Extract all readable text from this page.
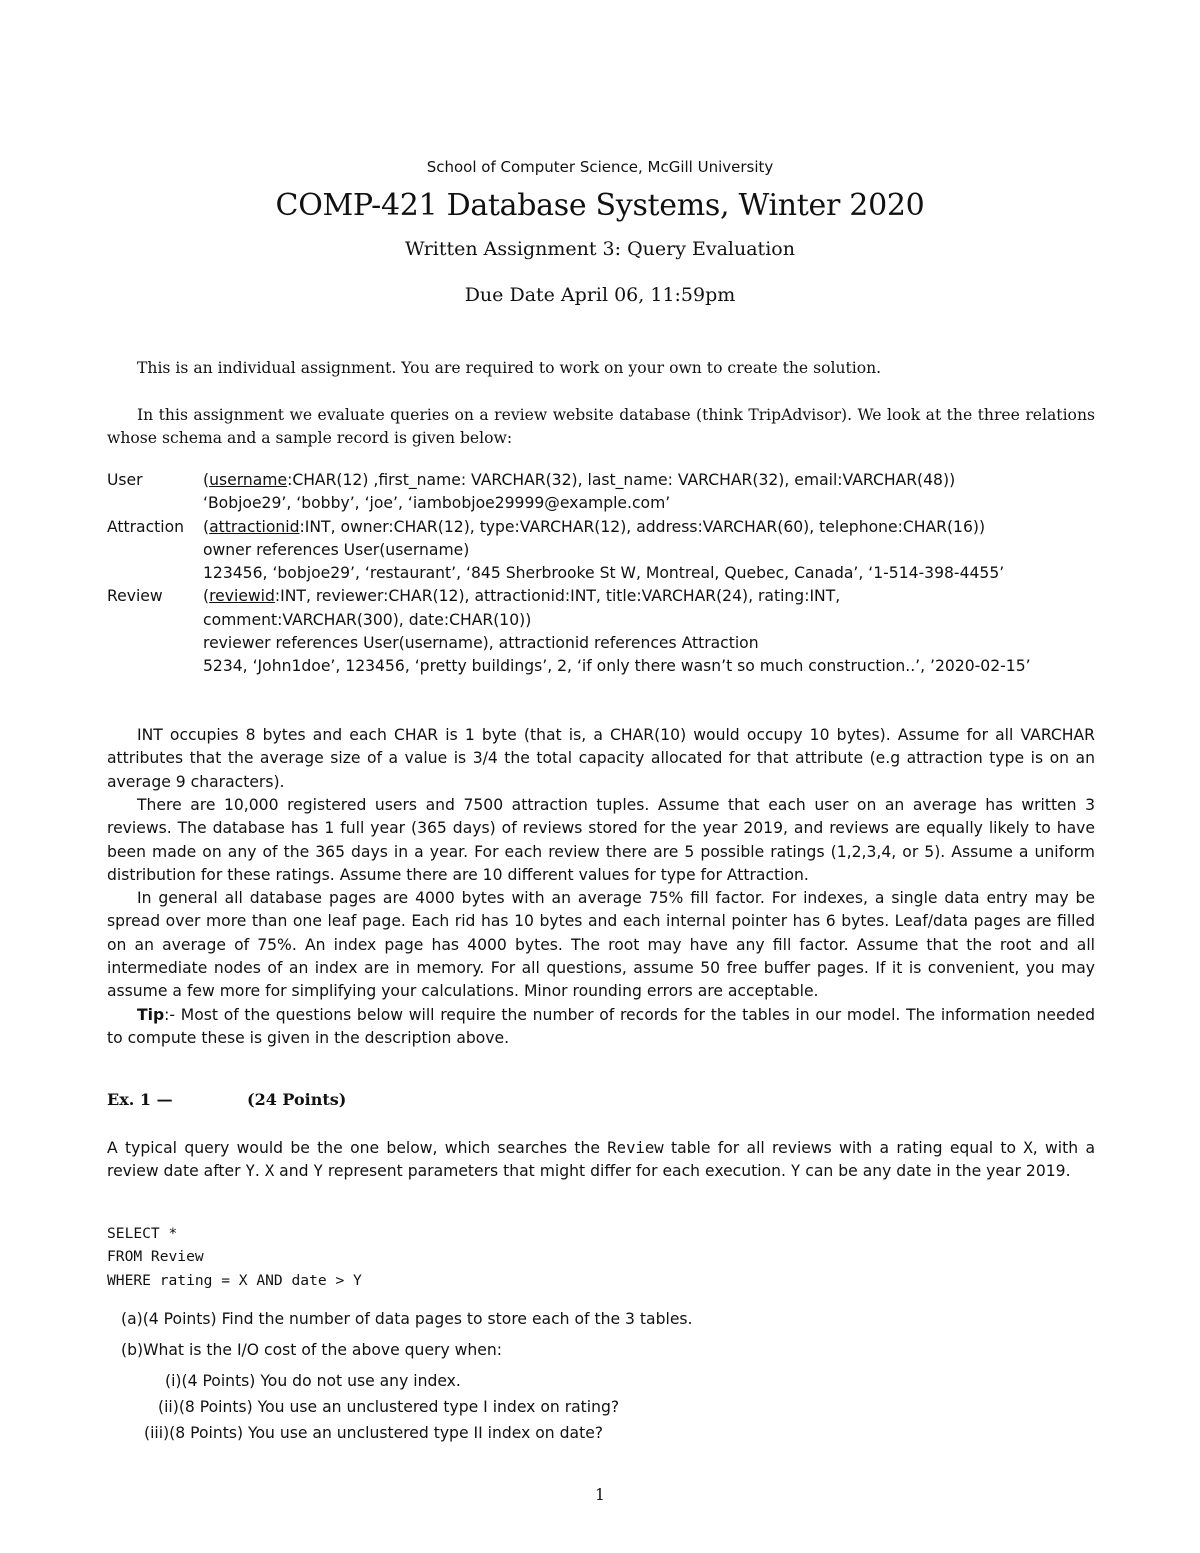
School of Computer Science, McGill University
COMP-421 Database Systems, Winter 2020
Written Assignment 3: Query Evaluation
Due Date April 06, 11:59pm
This is an individual assignment. You are required to work on your own to create the solution.
In this assignment we evaluate queries on a review website database (think TripAdvisor). We look at the three relations whose schema and a sample record is given below:
User	(username:CHAR(12) ,first_name: VARCHAR(32), last_name: VARCHAR(32), email:VARCHAR(48))
‘Bobjoe29’, ‘bobby’, ‘joe’, ‘iambobjoe29999@example.com’
Attraction	(attractionid:INT, owner:CHAR(12), type:VARCHAR(12), address:VARCHAR(60), telephone:CHAR(16))
owner references User(username)
123456, ‘bobjoe29’, ‘restaurant’, ‘845 Sherbrooke St W, Montreal, Quebec, Canada’, ‘1-514-398-4455’
Review	(reviewid:INT, reviewer:CHAR(12), attractionid:INT, title:VARCHAR(24), rating:INT,
comment:VARCHAR(300), date:CHAR(10))
reviewer references User(username), attractionid references Attraction
5234, ‘John1doe’, 123456, ‘pretty buildings’, 2, ‘if only there wasn’t so much construction..’, ’2020-02-15’
INT occupies 8 bytes and each CHAR is 1 byte (that is, a CHAR(10) would occupy 10 bytes). Assume for all VARCHAR attributes that the average size of a value is 3/4 the total capacity allocated for that attribute (e.g attraction type is on an average 9 characters).
There are 10,000 registered users and 7500 attraction tuples. Assume that each user on an average has written 3 reviews. The database has 1 full year (365 days) of reviews stored for the year 2019, and reviews are equally likely to have been made on any of the 365 days in a year. For each review there are 5 possible ratings (1,2,3,4, or 5). Assume a uniform distribution for these ratings. Assume there are 10 different values for type for Attraction.
In general all database pages are 4000 bytes with an average 75% fill factor. For indexes, a single data entry may be spread over more than one leaf page. Each rid has 10 bytes and each internal pointer has 6 bytes. Leaf/data pages are filled on an average of 75%. An index page has 4000 bytes. The root may have any fill factor. Assume that the root and all intermediate nodes of an index are in memory. For all questions, assume 50 free buffer pages. If it is convenient, you may assume a few more for simplifying your calculations. Minor rounding errors are acceptable.
Tip:- Most of the questions below will require the number of records for the tables in our model. The information needed to compute these is given in the description above.
Ex. 1 —	(24 Points)
A typical query would be the one below, which searches the Review table for all reviews with a rating equal to X, with a review date after Y. X and Y represent parameters that might differ for each execution. Y can be any date in the year 2019.
SELECT *
FROM Review
WHERE rating = X AND date > Y
(a)(4 Points) Find the number of data pages to store each of the 3 tables.
(b)What is the I/O cost of the above query when:
(i)(4 Points) You do not use any index.
(ii)(8 Points) You use an unclustered type I index on rating?
(iii)(8 Points) You use an unclustered type II index on date?
1
